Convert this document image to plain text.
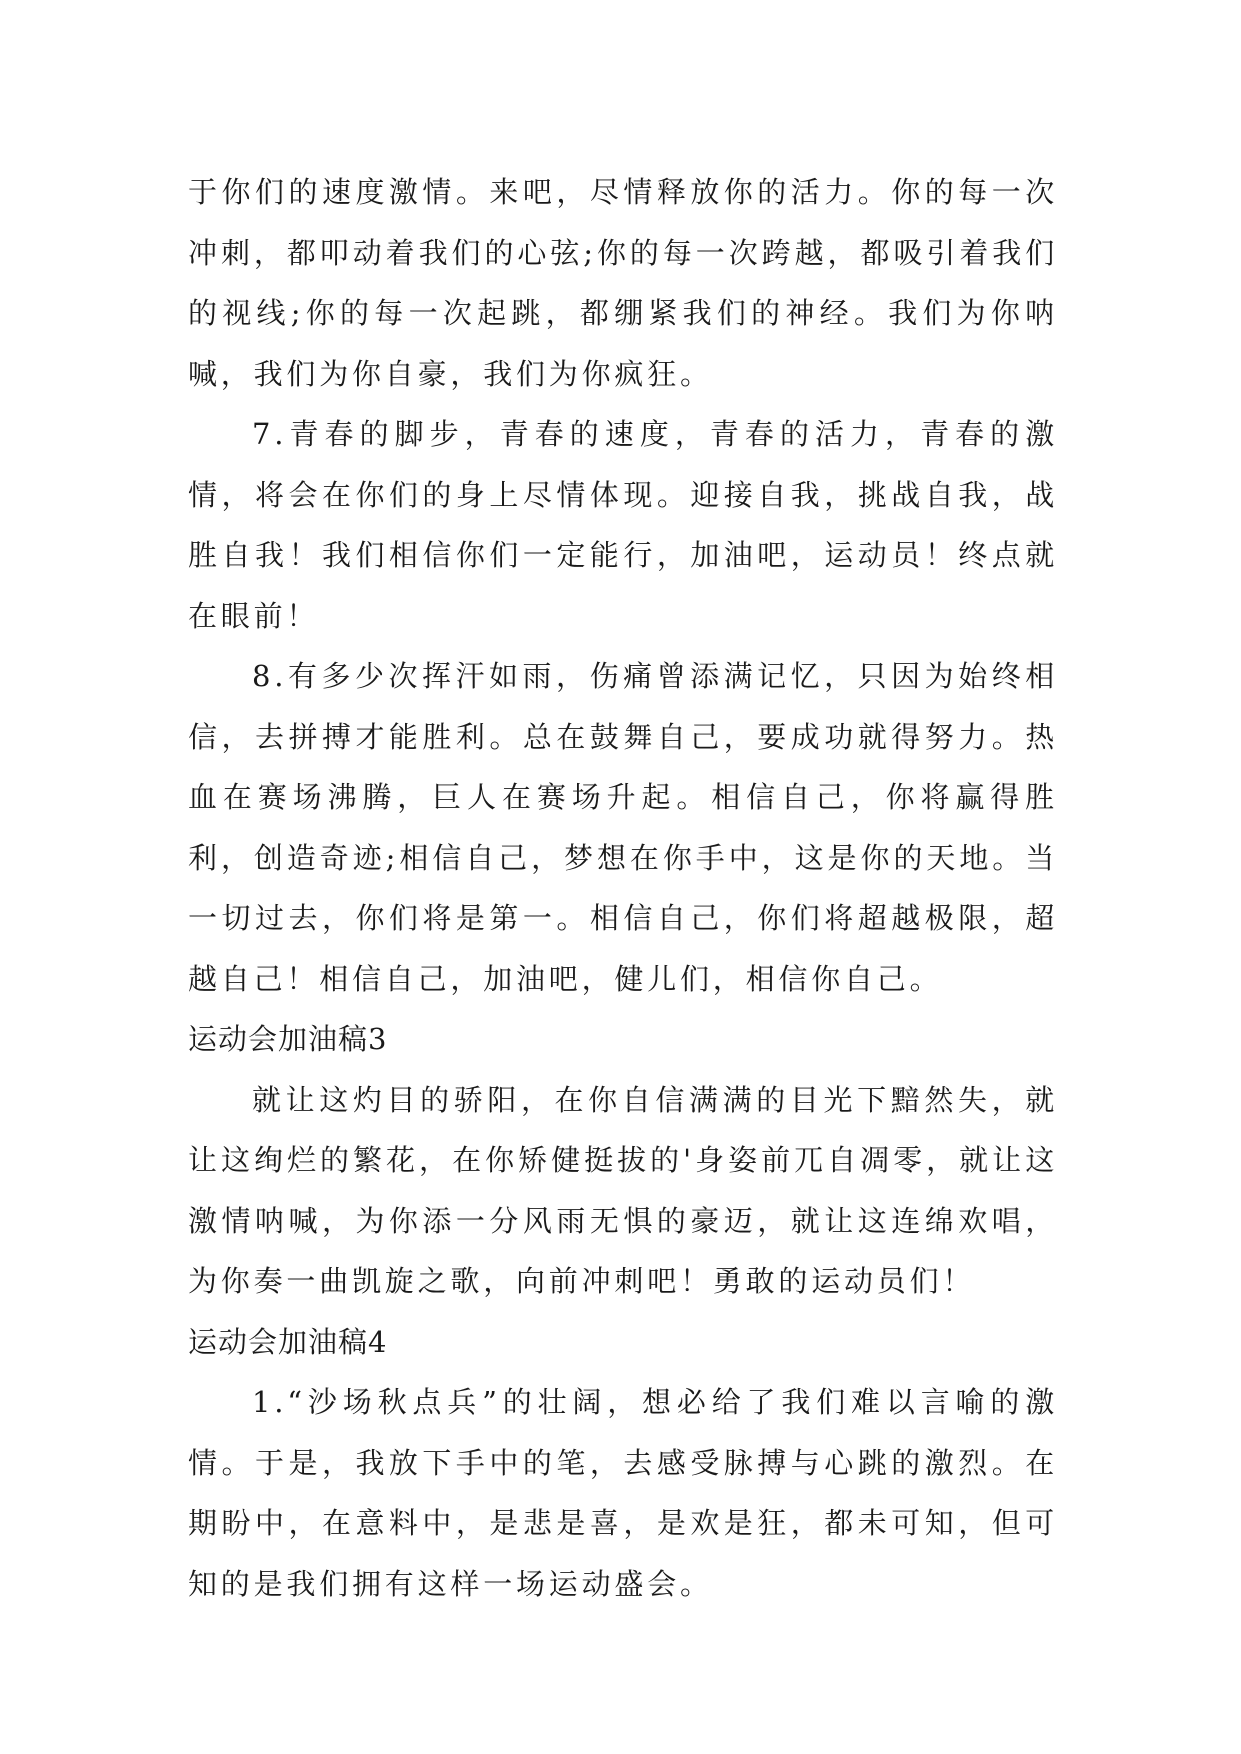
于你们的速度激情。来吧，尽情释放你的活力。你的每一次冲刺，都叩动着我们的心弦;你的每一次跨越，都吸引着我们的视线;你的每一次起跳，都绷紧我们的神经。我们为你呐喊，我们为你自豪，我们为你疯狂。

7.青春的脚步，青春的速度，青春的活力，青春的激情，将会在你们的身上尽情体现。迎接自我，挑战自我，战胜自我！我们相信你们一定能行，加油吧，运动员！终点就在眼前！

8.有多少次挥汗如雨，伤痛曾添满记忆，只因为始终相信，去拼搏才能胜利。总在鼓舞自己，要成功就得努力。热血在赛场沸腾，巨人在赛场升起。相信自己，你将赢得胜利，创造奇迹;相信自己，梦想在你手中，这是你的天地。当一切过去，你们将是第一。相信自己，你们将超越极限，超越自己！相信自己，加油吧，健儿们，相信你自己。

运动会加油稿3

就让这灼目的骄阳，在你自信满满的目光下黯然失，就让这绚烂的繁花，在你矫健挺拔的'身姿前兀自凋零，就让这激情呐喊，为你添一分风雨无惧的豪迈，就让这连绵欢唱，为你奏一曲凯旋之歌，向前冲刺吧！勇敢的运动员们！

运动会加油稿4

1.“沙场秋点兵”的壮阔，想必给了我们难以言喻的激情。于是，我放下手中的笔，去感受脉搏与心跳的激烈。在期盼中，在意料中，是悲是喜，是欢是狂，都未可知，但可知的是我们拥有这样一场运动盛会。
